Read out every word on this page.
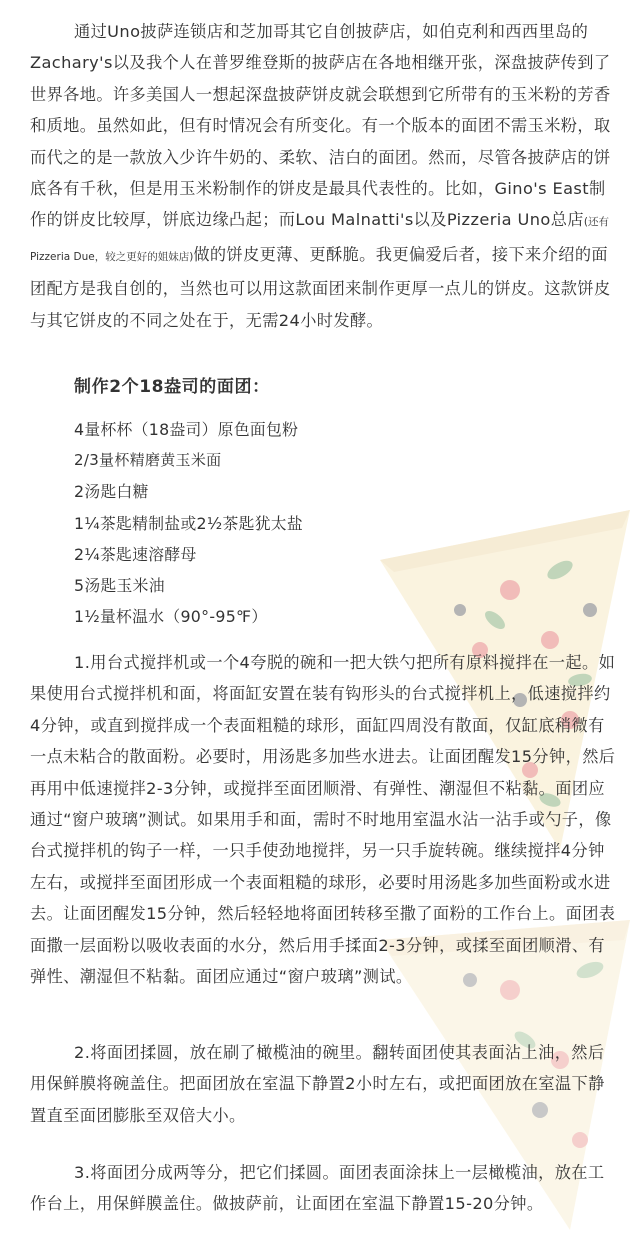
通过Uno披萨连锁店和芝加哥其它自创披萨店，如伯克利和西西里岛的Zachary's以及我个人在普罗维登斯的披萨店在各地相继开张，深盘披萨传到了世界各地。许多美国人一想起深盘披萨饼皮就会联想到它所带有的玉米粉的芳香和质地。虽然如此，但有时情况会有所变化。有一个版本的面团不需玉米粉，取而代之的是一款放入少许牛奶的、柔软、洁白的面团。然而，尽管各披萨店的饼底各有千秋，但是用玉米粉制作的饼皮是最具代表性的。比如，Gino's East制作的饼皮比较厚，饼底边缘凸起；而Lou Malnatti's以及Pizzeria Uno总店(还有Pizzeria Due，较之更好的姐妹店)做的饼皮更薄、更酥脆。我更偏爱后者，接下来介绍的面团配方是我自创的，当然也可以用这款面团来制作更厚一点儿的饼皮。这款饼皮与其它饼皮的不同之处在于，无需24小时发酵。

制作2个18盎司的面团：
4量杯杯（18盎司）原色面包粉
2/3量杯精磨黄玉米面
2汤匙白糖
1¼茶匙精制盐或2½茶匙犹太盐
2¼茶匙速溶酵母
5汤匙玉米油
1½量杯温水（90°-95℉）

1.用台式搅拌机或一个4夸脱的碗和一把大铁勺把所有原料搅拌在一起。如果使用台式搅拌机和面，将面缸安置在装有钩形头的台式搅拌机上，低速搅拌约4分钟，或直到搅拌成一个表面粗糙的球形，面缸四周没有散面，仅缸底稍微有一点未粘合的散面粉。必要时，用汤匙多加些水进去。让面团醒发15分钟，然后再用中低速搅拌2-3分钟，或搅拌至面团顺滑、有弹性、潮湿但不粘黏。面团应通过“窗户玻璃”测试。如果用手和面，需时不时地用室温水沾一沾手或勺子，像台式搅拌机的钩子一样，一只手使劲地搅拌，另一只手旋转碗。继续搅拌4分钟左右，或搅拌至面团形成一个表面粗糙的球形，必要时用汤匙多加些面粉或水进去。让面团醒发15分钟，然后轻轻地将面团转移至撒了面粉的工作台上。面团表面撒一层面粉以吸收表面的水分，然后用手揉面2-3分钟，或揉至面团顺滑、有弹性、潮湿但不粘黏。面团应通过“窗户玻璃”测试。

2.将面团揉圆，放在刷了橄榄油的碗里。翻转面团使其表面沾上油，然后用保鲜膜将碗盖住。把面团放在室温下静置2小时左右，或把面团放在室温下静置直至面团膨胀至双倍大小。

3.将面团分成两等分，把它们揉圆。面团表面涂抹上一层橄榄油，放在工作台上，用保鲜膜盖住。做披萨前，让面团在室温下静置15-20分钟。
